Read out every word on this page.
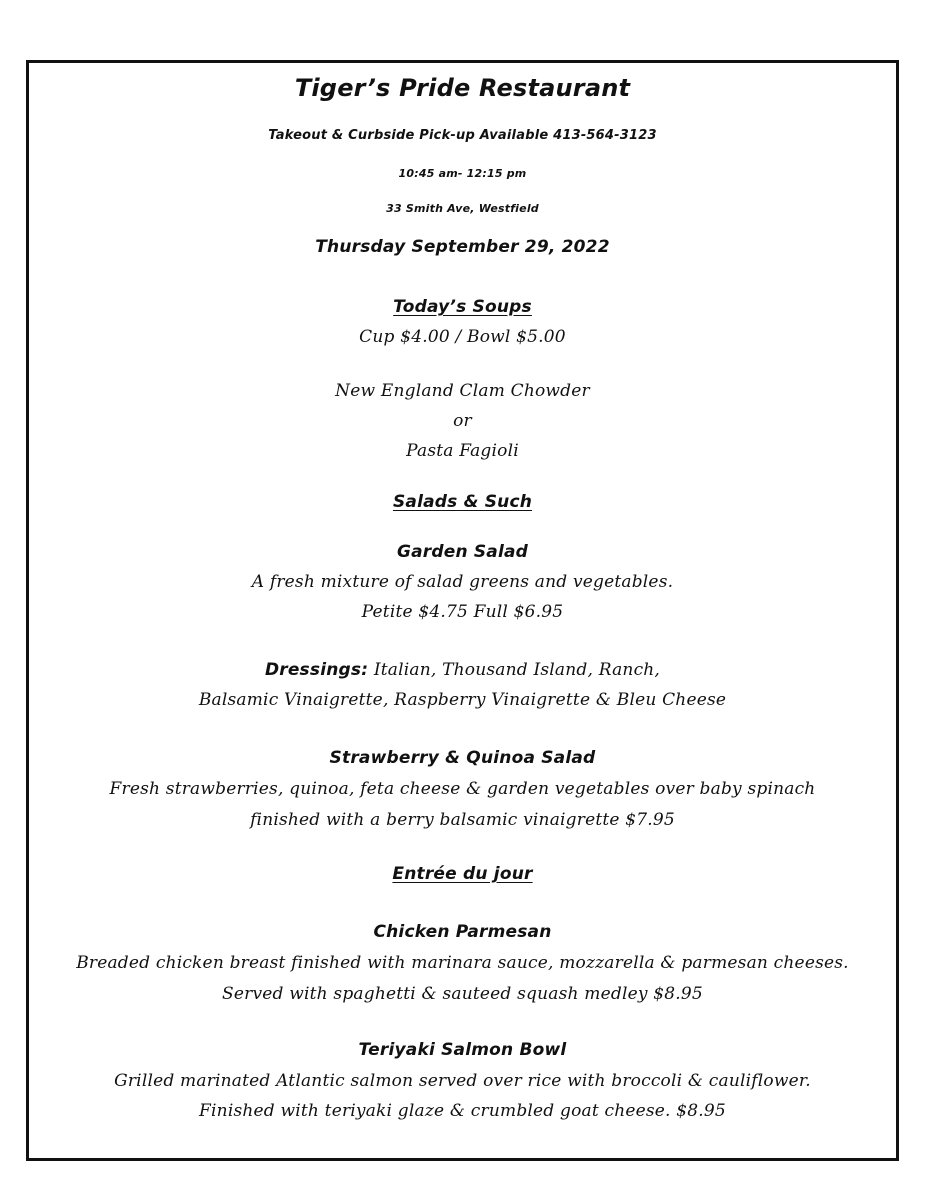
Tiger’s Pride Restaurant
Takeout & Curbside Pick-up Available 413-564-3123
10:45 am- 12:15 pm
33 Smith Ave, Westfield
Thursday September 29, 2022
Today’s Soups
Cup $4.00 / Bowl $5.00
New England Clam Chowder
or
Pasta Fagioli
Salads & Such
Garden Salad
A fresh mixture of salad greens and vegetables.
Petite $4.75 Full $6.95
Dressings: Italian, Thousand Island, Ranch,
Balsamic Vinaigrette, Raspberry Vinaigrette & Bleu Cheese
Strawberry & Quinoa Salad
Fresh strawberries, quinoa, feta cheese & garden vegetables over baby spinach
finished with a berry balsamic vinaigrette $7.95
Entrée du jour
Chicken Parmesan
Breaded chicken breast finished with marinara sauce, mozzarella & parmesan cheeses.
Served with spaghetti & sauteed squash medley $8.95
Teriyaki Salmon Bowl
Grilled marinated Atlantic salmon served over rice with broccoli & cauliflower.
Finished with teriyaki glaze & crumbled goat cheese. $8.95
